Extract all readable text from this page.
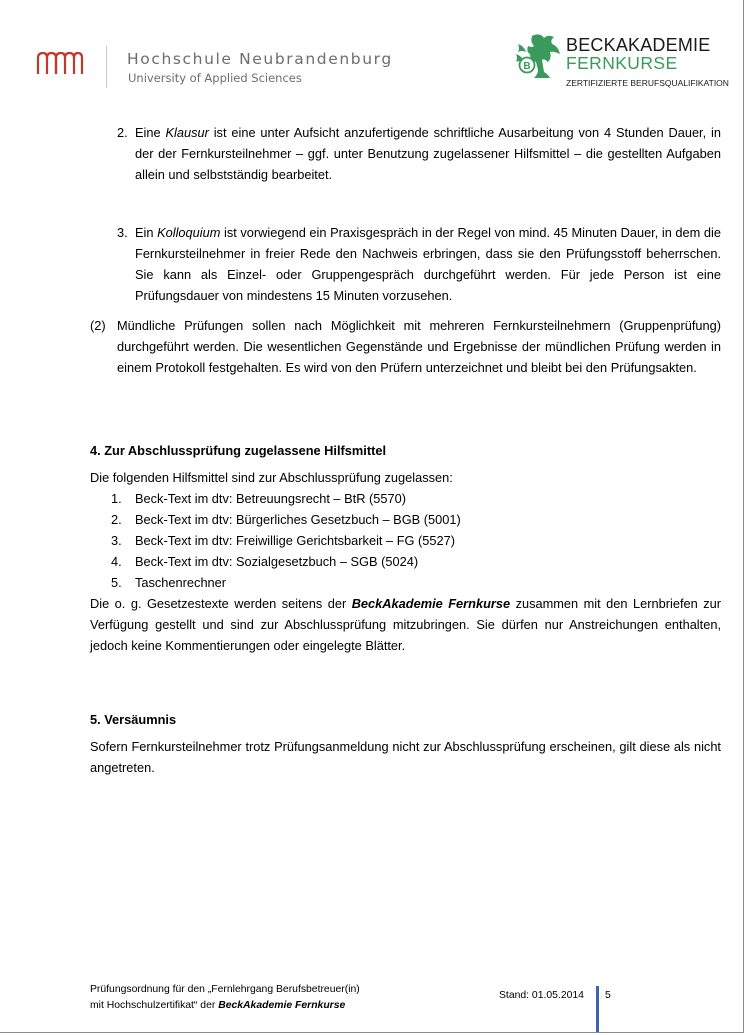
Hochschule Neubrandenburg
University of Applied Sciences
B
BECKAKADEMIE
FERNKURSE
ZERTIFIZIERTE BERUFSQUALIFIKATION
2. Eine Klausur ist eine unter Aufsicht anzufertigende schriftliche Ausarbeitung von 4 Stunden Dauer, in der der Fernkursteilnehmer – ggf. unter Benutzung zugelassener Hilfsmittel – die gestellten Aufgaben allein und selbstständig bearbeitet.

3. Ein Kolloquium ist vorwiegend ein Praxisgespräch in der Regel von mind. 45 Minuten Dauer, in dem die Fernkursteilnehmer in freier Rede den Nachweis erbringen, dass sie den Prüfungsstoff beherrschen. Sie kann als Einzel- oder Gruppengespräch durchgeführt werden. Für jede Person ist eine Prüfungsdauer von mindestens 15 Minuten vorzusehen.

(2) Mündliche Prüfungen sollen nach Möglichkeit mit mehreren Fernkursteilnehmern (Gruppenprüfung) durchgeführt werden. Die wesentlichen Gegenstände und Ergebnisse der mündlichen Prüfung werden in einem Protokoll festgehalten. Es wird von den Prüfern unterzeichnet und bleibt bei den Prüfungsakten.

4. Zur Abschlussprüfung zugelassene Hilfsmittel
Die folgenden Hilfsmittel sind zur Abschlussprüfung zugelassen:
1. Beck-Text im dtv: Betreuungsrecht – BtR (5570)
2. Beck-Text im dtv: Bürgerliches Gesetzbuch – BGB (5001)
3. Beck-Text im dtv: Freiwillige Gerichtsbarkeit – FG (5527)
4. Beck-Text im dtv: Sozialgesetzbuch – SGB (5024)
5. Taschenrechner

Die o. g. Gesetzestexte werden seitens der BeckAkademie Fernkurse zusammen mit den Lernbriefen zur Verfügung gestellt und sind zur Abschlussprüfung mitzubringen. Sie dürfen nur Anstreichungen enthalten, jedoch keine Kommentierungen oder eingelegte Blätter.

5. Versäumnis

Sofern Fernkursteilnehmer trotz Prüfungsanmeldung nicht zur Abschlussprüfung erscheinen, gilt diese als nicht angetreten.

Prüfungsordnung für den „Fernlehrgang Berufsbetreuer(in)
mit Hochschulzertifikat“ der BeckAkademie Fernkurse
Stand: 01.05.2014 5
